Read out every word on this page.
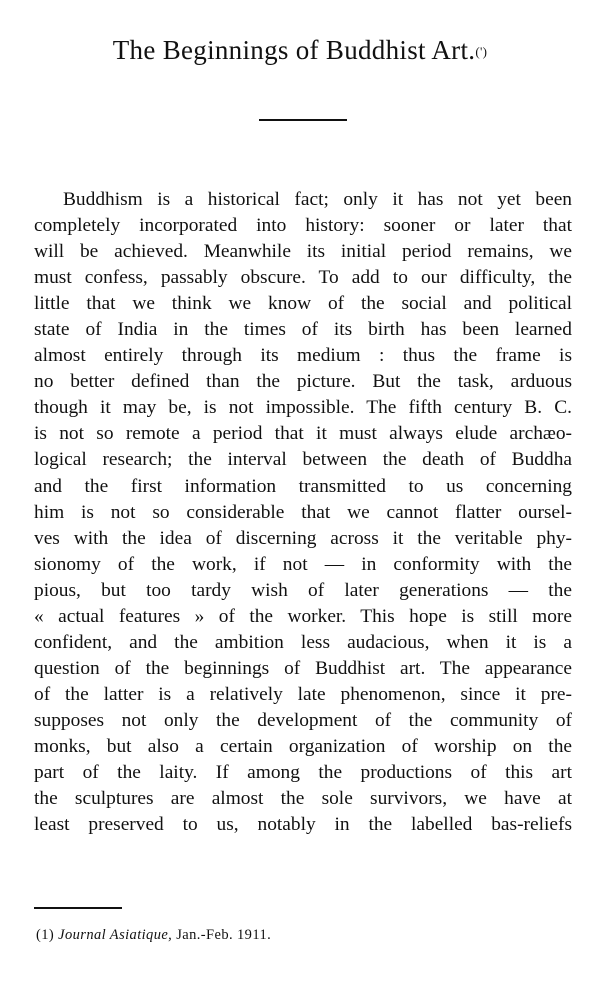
The Beginnings of Buddhist Art.(')
Buddhism is a historical fact; only it has not yet been
completely incorporated into history: sooner or later that
will be achieved. Meanwhile its initial period remains, we
must confess, passably obscure. To add to our difficulty, the
little that we think we know of the social and political
state of India in the times of its birth has been learned
almost entirely through its medium : thus the frame is
no better defined than the picture. But the task, arduous
though it may be, is not impossible. The fifth century B. C.
is not so remote a period that it must always elude archæo-
logical research; the interval between the death of Buddha
and the first information transmitted to us concerning
him is not so considerable that we cannot flatter oursel-
ves with the idea of discerning across it the veritable phy-
sionomy of the work, if not — in conformity with the
pious, but too tardy wish of later generations — the
« actual features » of the worker. This hope is still more
confident, and the ambition less audacious, when it is a
question of the beginnings of Buddhist art. The appearance
of the latter is a relatively late phenomenon, since it pre-
supposes not only the development of the community of
monks, but also a certain organization of worship on the
part of the laity. If among the productions of this art
the sculptures are almost the sole survivors, we have at
least preserved to us, notably in the labelled bas-reliefs
(1) Journal Asiatique, Jan.-Feb. 1911.
